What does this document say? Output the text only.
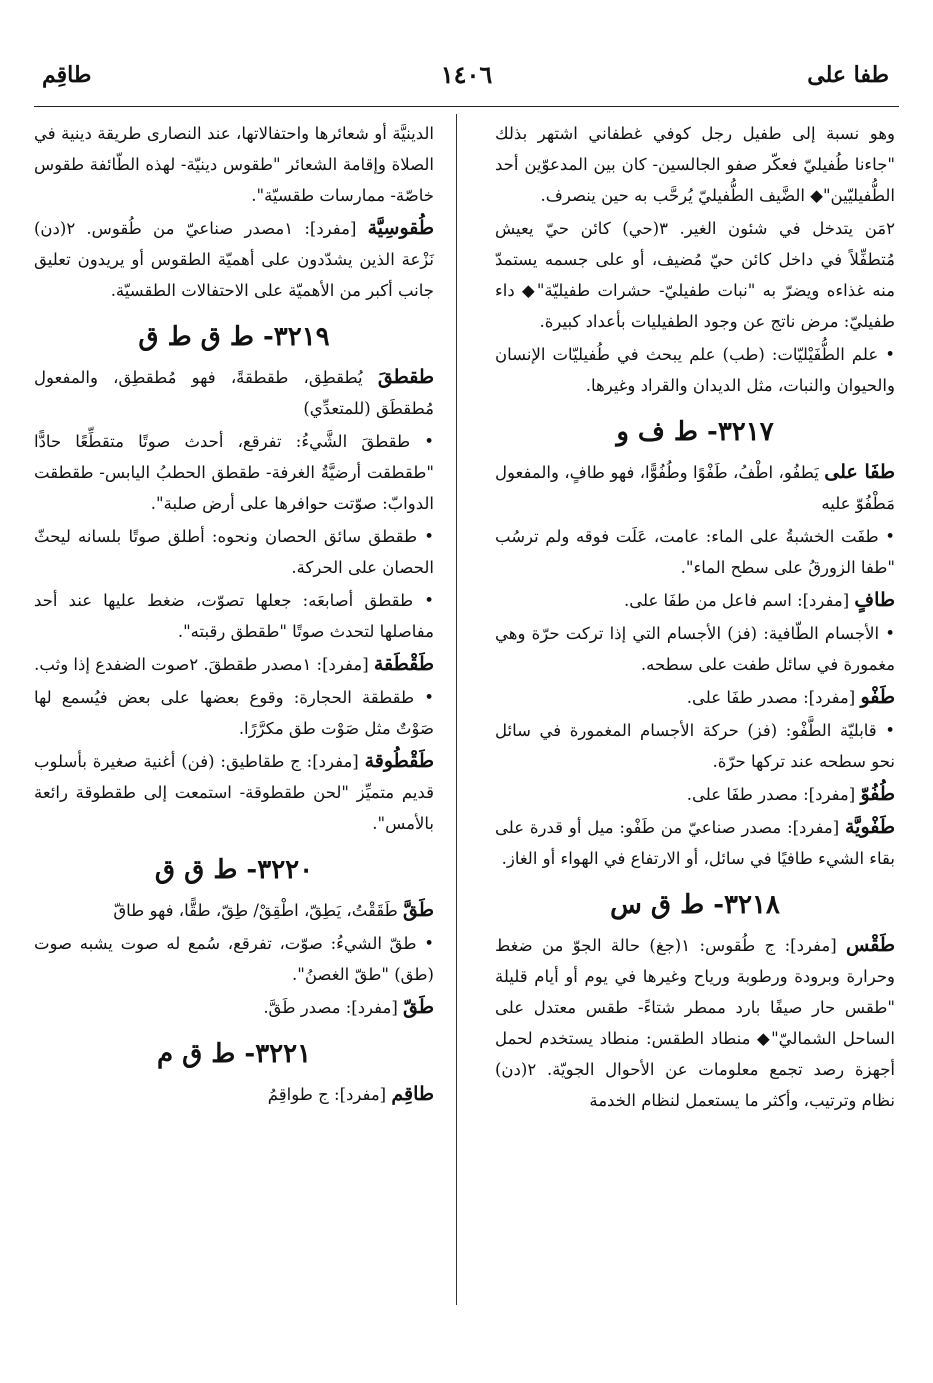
طفا على
١٤٠٦
طاقِم
وهو نسبة إلى طفيل رجل كوفي غطفاني اشتهر بذلك "جاءنا طُفيليّ فعكّر صفو الجالسين- كان بين المدعوّين أحد الطُّفيليّين"◆ الضَّيف الطُّفيليّ يُرحَّب به حين ينصرف.
٢مَن يتدخل في شئون الغير. ٣(حي) كائن حيّ يعيش مُتطفِّلاً في داخل كائن حيّ مُضيف، أو على جسمه يستمدّ منه غذاءه ويضرّ به "نبات طفيليّ- حشرات طفيليّة"◆ داء طفيليّ: مرض ناتج عن وجود الطفيليات بأعداد كبيرة.
• علم الطُّفَيْليّات: (طب) علم يبحث في طُفيليّات الإنسان والحيوان والنبات، مثل الديدان والقراد وغيرها.
٣٢١٧- ط ف و
طفَا على يَطفُو، اطْفُ، طَفْوًا وطُفُوًّا، فهو طافٍ، والمفعول مَطْفُوّ عليه
• طفَت الخشبةُ على الماء: عامت، عَلَت فوقه ولم ترسُب "طفا الزورقُ على سطح الماء".
طافٍ [مفرد]: اسم فاعل من طفَا على.
• الأجسام الطّافية: (فز) الأجسام التي إذا تركت حرّة وهي مغمورة في سائل طفت على سطحه.
طَفْو [مفرد]: مصدر طفَا على.
• قابليّة الطَّفْو: (فز) حركة الأجسام المغمورة في سائل نحو سطحه عند تركها حرّة.
طُفُوّ [مفرد]: مصدر طفَا على.
طَفْويَّة [مفرد]: مصدر صناعيّ من طَفْو: ميل أو قدرة على بقاء الشيء طافيًا في سائل، أو الارتفاع في الهواء أو الغاز.
٣٢١٨- ط ق س
طَقْس [مفرد]: ج طُقوس: ١(جغ) حالة الجوّ من ضغط وحرارة وبرودة ورطوبة ورياح وغيرها في يوم أو أيام قليلة "طقس حار صيفًا بارد ممطر شتاءً- طقس معتدل على الساحل الشماليّ"◆ منطاد الطقس: منطاد يستخدم لحمل أجهزة رصد تجمع معلومات عن الأحوال الجويّة. ٢(دن) نظام وترتيب، وأكثر ما يستعمل لنظام الخدمة
الدينيَّة أو شعائرها واحتفالاتها، عند النصارى طريقة دينية في الصلاة وإقامة الشعائر "طقوس دينيّة- لهذه الطّائفة طقوس خاصّة- ممارسات طقسيّة".
طُقوسِيَّة [مفرد]: ١مصدر صناعيّ من طُقوس. ٢(دن) نَزْعة الذين يشدّدون على أهميّة الطقوس أو يريدون تعليق جانب أكبر من الأهميّة على الاحتفالات الطقسيّة.
٣٢١٩- ط ق ط ق
طقطقَ يُطقطِق، طقطقةً، فهو مُطقطِق، والمفعول مُطقطَق (للمتعدِّي)
• طقطقَ الشَّيءُ: تفرقع، أحدث صوتًا متقطِّعًا حادًّا "طقطقت أرضيَّةُ الغرفة- طقطق الحطبُ اليابس- طقطقت الدوابّ: صوّتت حوافرها على أرض صلبة".
• طقطق سائق الحصان ونحوه: أطلق صوتًا بلسانه ليحثّ الحصان على الحركة.
• طقطق أصابعَه: جعلها تصوّت، ضغط عليها عند أحد مفاصلها لتحدث صوتًا "طقطق رقبته".
طَقْطَقة [مفرد]: ١مصدر طقطقَ. ٢صوت الضفدع إذا وثب.
• طقطقة الحجارة: وقوع بعضها على بعض فيُسمع لها صَوْتٌ مثل صَوْت طق مكرَّرًا.
طَقْطُوقة [مفرد]: ج طقاطيق: (فن) أغنية صغيرة بأسلوب قديم متميِّز "لحن طقطوقة- استمعت إلى طقطوقة رائعة بالأمس".
٣٢٢٠- ط ق ق
طَقَّ طَقَقْتُ، يَطِقّ، اطْقِقْ/ طِقّ، طقًّا، فهو طاقّ
• طقّ الشيءُ: صوّت، تفرقع، سُمع له صوت يشبه صوت (طق) "طقّ الغصنُ".
طَقّ [مفرد]: مصدر طَقَّ.
٣٢٢١- ط ق م
طاقِم [مفرد]: ج طواقِمُ
